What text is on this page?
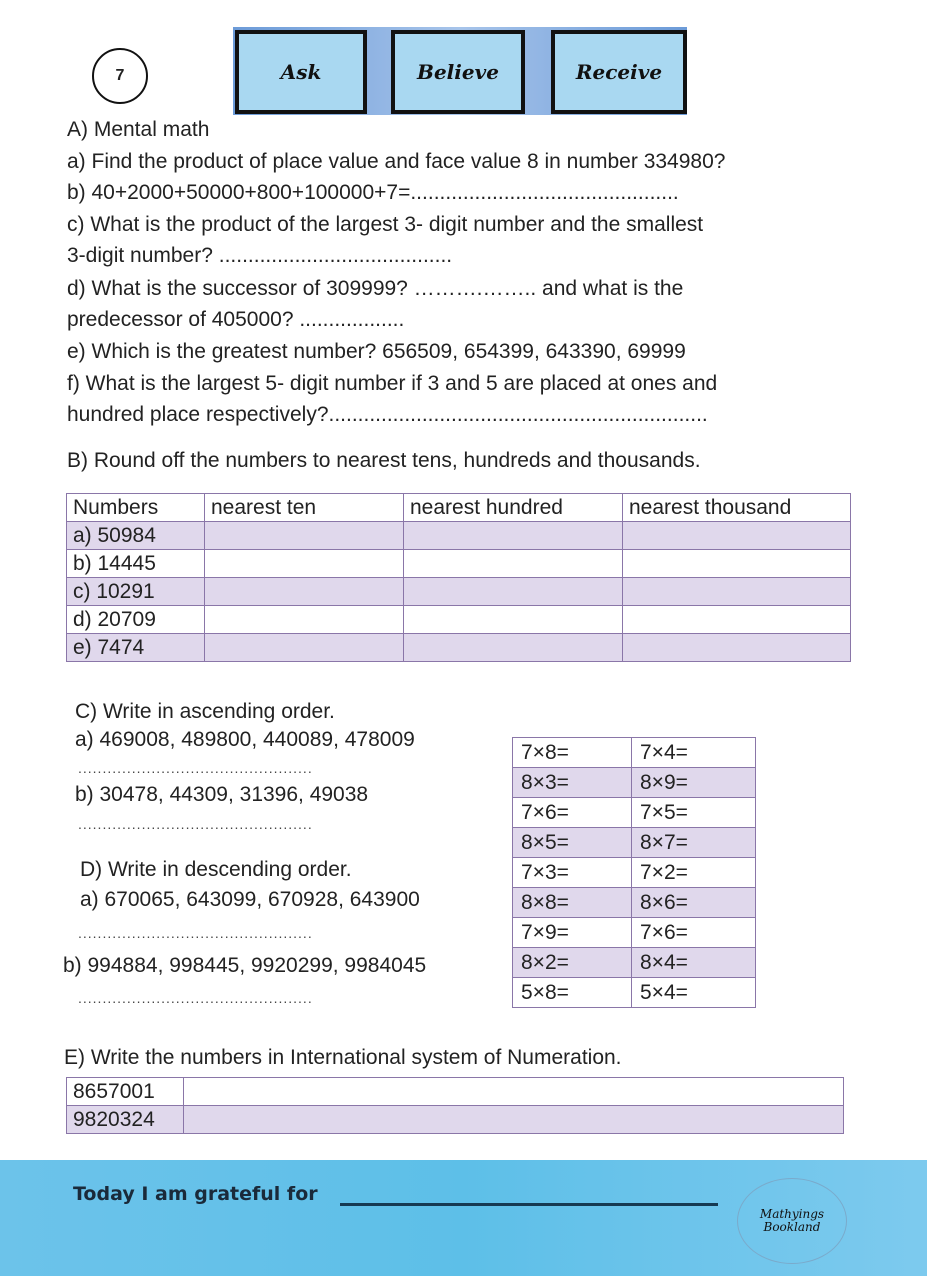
7	Ask	Believe	Receive
A) Mental math
a) Find the product of place value and face value 8 in number 334980?
b) 40+2000+50000+800+100000+7=..............................................
c) What is the product of the largest 3- digit number and the smallest
3-digit number? ........................................
d) What is the successor of 309999? ……….…….. and what is the
predecessor of 405000? ..................
e) Which is the greatest number? 656509, 654399, 643390, 69999
f) What is the largest 5- digit number if 3 and 5 are placed at ones and
hundred place respectively?.................................................................
B) Round off the numbers to nearest tens, hundreds and thousands.
Numbers	nearest ten	nearest hundred	nearest thousand
a) 50984			
b) 14445			
c) 10291			
d) 20709			
e) 7474			
C) Write in ascending order.
a) 469008, 489800, 440089, 478009
................................................
b) 30478, 44309, 31396, 49038
................................................
D) Write in descending order.
a) 670065, 643099, 670928, 643900
................................................
b) 994884, 998445, 9920299, 9984045
................................................
7×8=	7×4=
8×3=	8×9=
7×6=	7×5=
8×5=	8×7=
7×3=	7×2=
8×8=	8×6=
7×9=	7×6=
8×2=	8×4=
5×8=	5×4=
E) Write the numbers in International system of Numeration.
8657001	
9820324	
Today I am grateful for
Mathyings Bookland
